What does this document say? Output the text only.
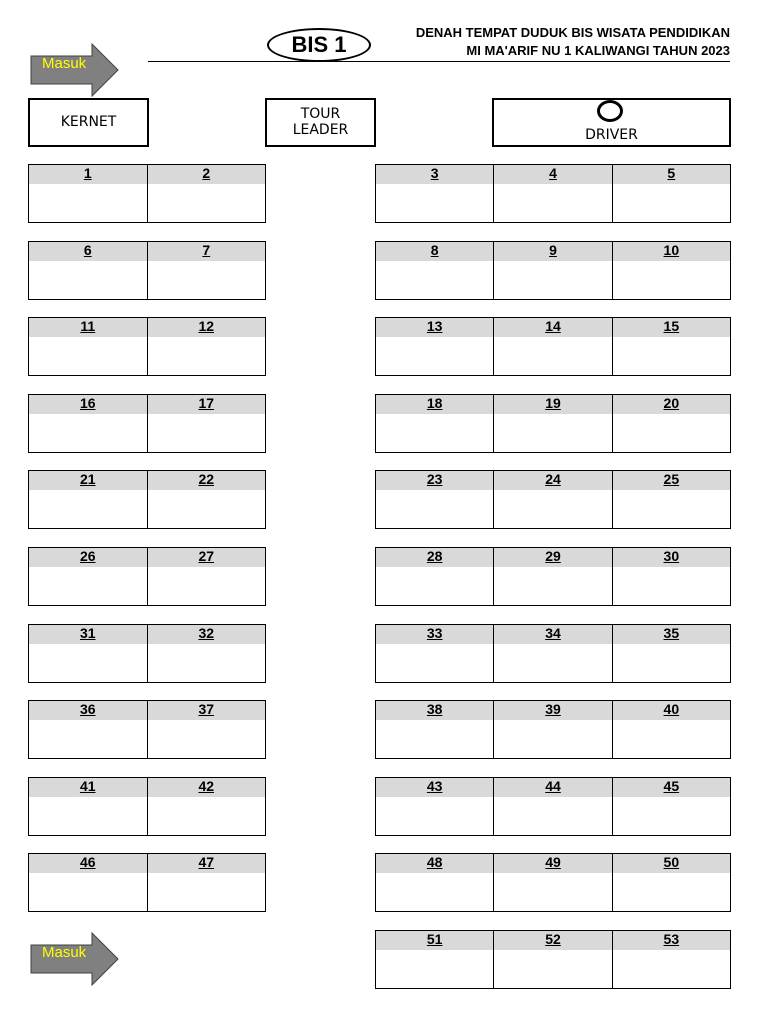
BIS 1	DENAH TEMPAT DUDUK BIS WISATA PENDIDIKAN
MI MA'ARIF NU 1 KALIWANGI TAHUN 2023
Masuk
KERNET	TOUR
LEADER	DRIVER
1	2	3	4	5
6	7	8	9	10
11	12	13	14	15
16	17	18	19	20
21	22	23	24	25
26	27	28	29	30
31	32	33	34	35
36	37	38	39	40
41	42	43	44	45
46	47	48	49	50
51	52	53
Masuk
